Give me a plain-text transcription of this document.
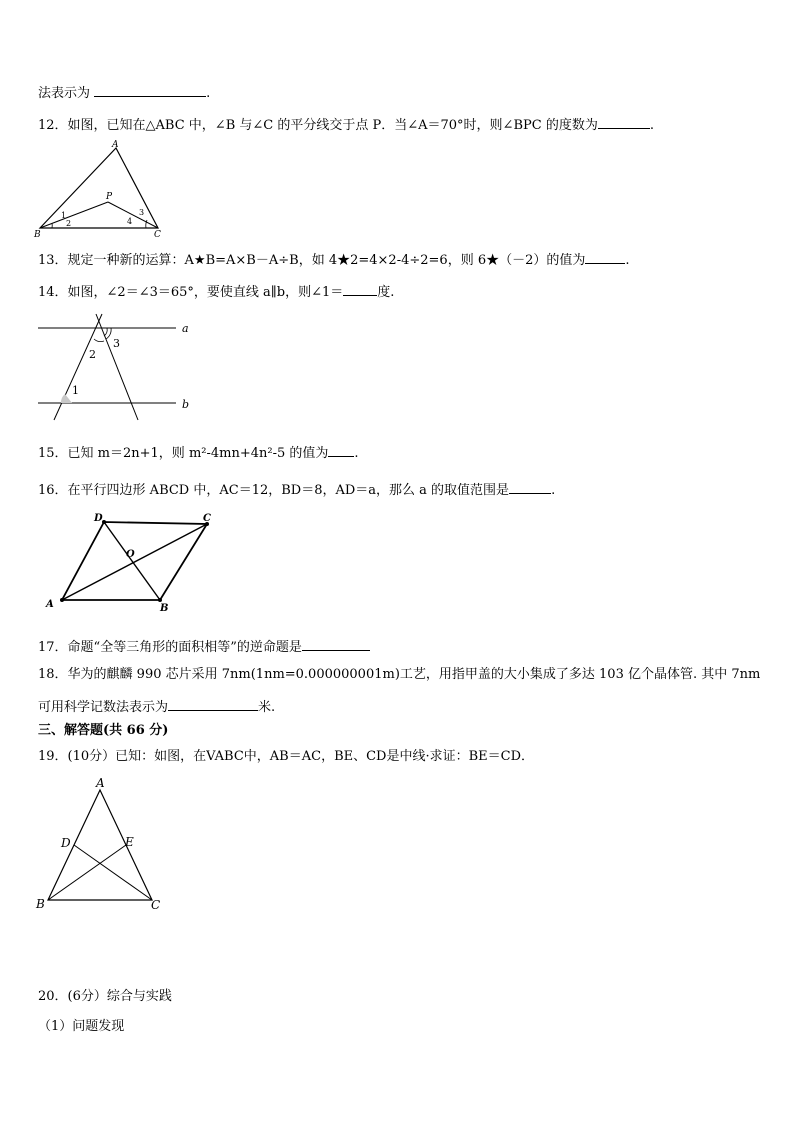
法表示为	.
12．如图，已知在△ABC 中，∠B 与∠C 的平分线交于点 P．当∠A＝70°时，则∠BPC 的度数为	.
A
P
B	C
1
2
3
4
13．规定一种新的运算：A★B=A×B－A÷B，如 4★2=4×2-4÷2=6，则 6★（－2）的值为	.
14．如图，∠2＝∠3＝65°，要使直线 a∥b，则∠1＝	度.
a
b
1
2
3
15．已知 m＝2n+1，则 m²-4mn+4n²-5 的值为 .
16．在平行四边形 ABCD 中，AC＝12，BD＝8，AD＝a，那么 a 的取值范围是	.
A	B
C
D
O
17．命题“全等三角形的面积相等”的逆命题是
18．华为的麒麟 990 芯片采用 7nm(1nm=0.000000001m)工艺，用指甲盖的大小集成了多达 103 亿个晶体管. 其中 7nm
可用科学记数法表示为	米.
三、解答题(共 66 分)
19．(10分）已知：如图，在VABC中，AB＝AC，BE、CD是中线·求证：BE＝CD．
A
B	C
D	E
20．(6分）综合与实践
（1）问题发现
